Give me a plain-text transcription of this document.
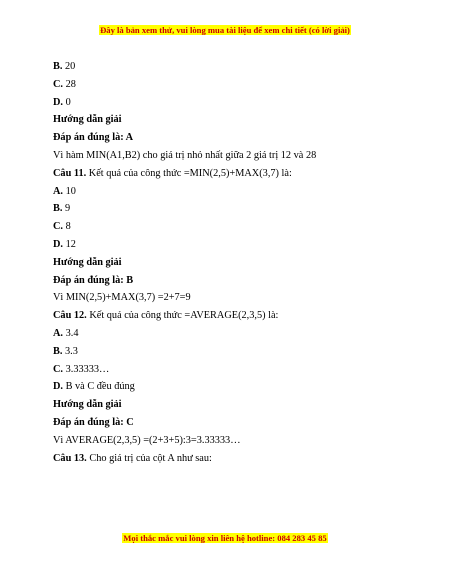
Đây là bản xem thử, vui lòng mua tài liệu để xem chi tiết (có lời giải)
B. 20
C. 28
D. 0
Hướng dẫn giải
Đáp án đúng là: A
Vì hàm MIN(A1,B2) cho giá trị nhỏ nhất giữa 2 giá trị 12 và 28
Câu 11. Kết quả của công thức =MIN(2,5)+MAX(3,7) là:
A. 10
B. 9
C. 8
D. 12
Hướng dẫn giải
Đáp án đúng là: B
Vì MIN(2,5)+MAX(3,7) =2+7=9
Câu 12. Kết quả của công thức =AVERAGE(2,3,5) là:
A. 3.4
B. 3.3
C. 3.33333…
D. B và C đều đúng
Hướng dẫn giải
Đáp án đúng là: C
Vì AVERAGE(2,3,5) =(2+3+5):3=3.33333…
Câu 13. Cho giá trị của cột A như sau:
Mọi thắc mắc vui lòng xin liên hệ hotline: 084 283 45 85
